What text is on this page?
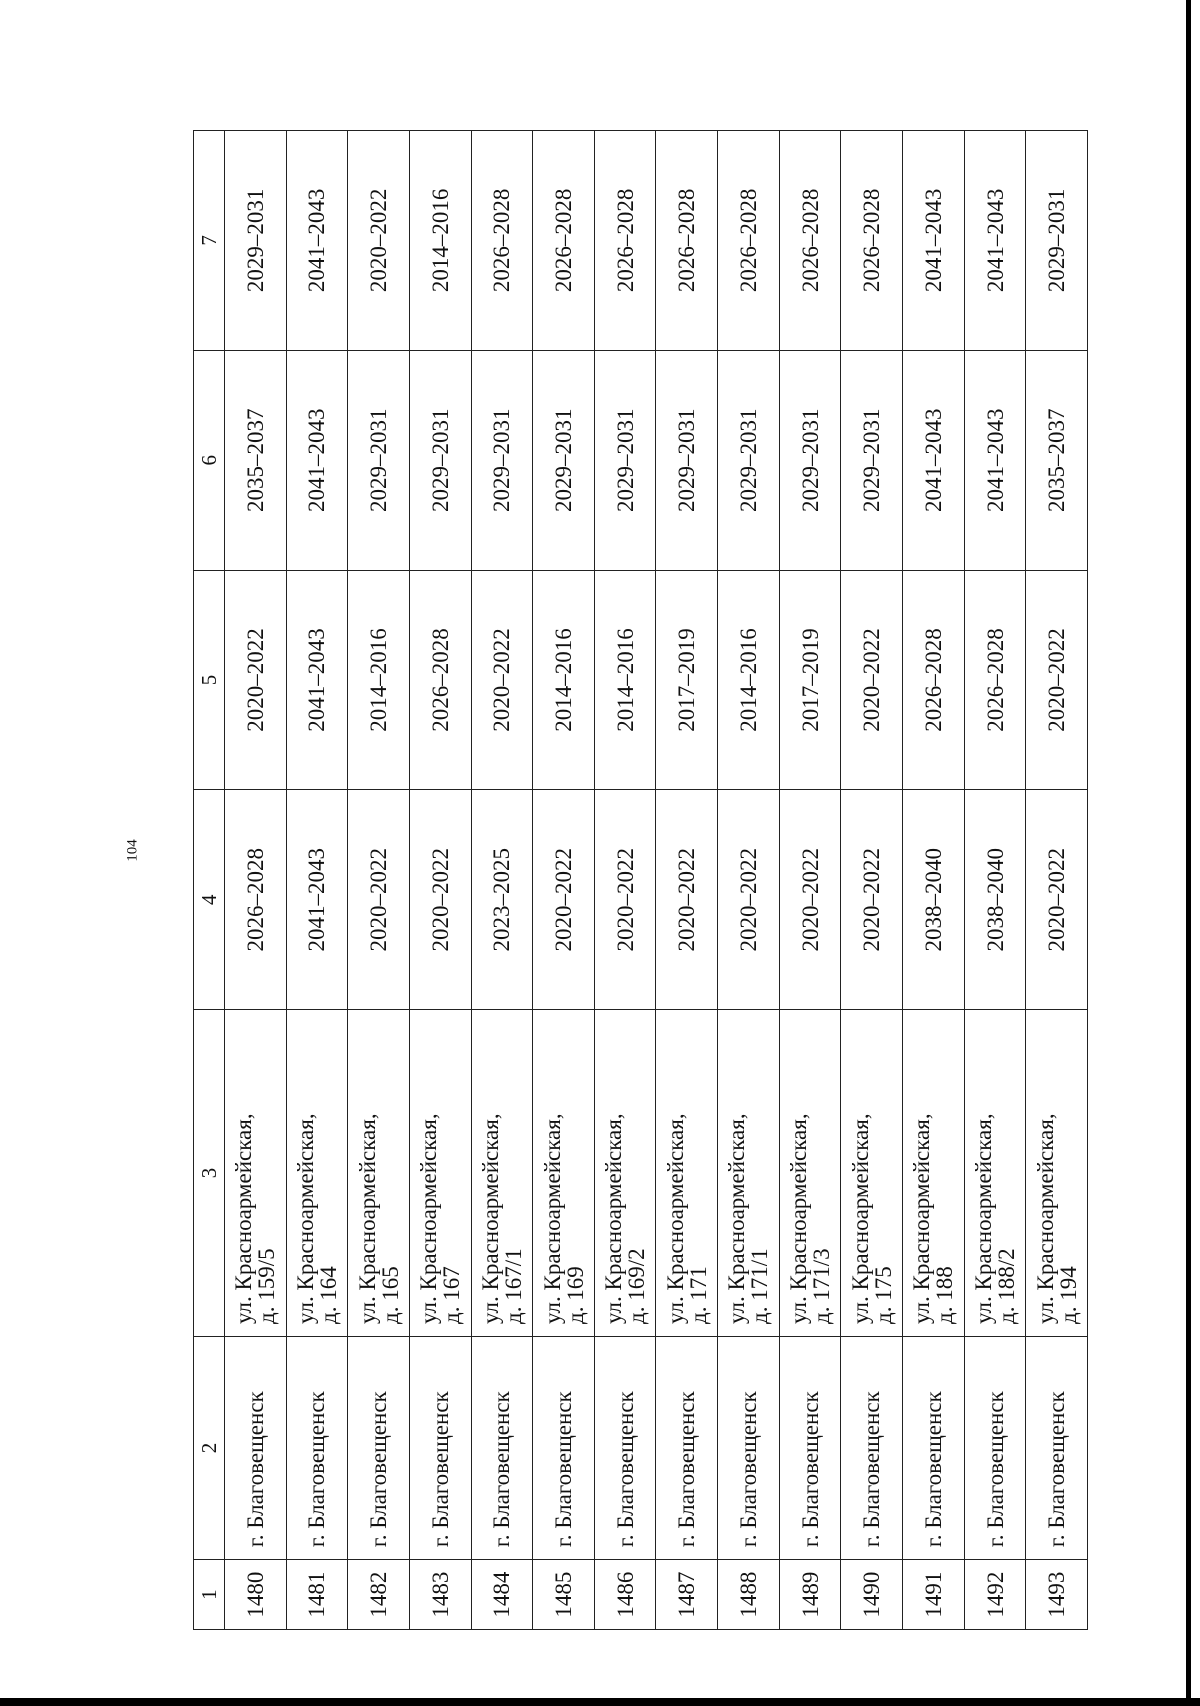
104
1	2	3	4	5	6	7
1480	г. Благовещенск	ул. Красноармейская,
д. 159/5	2026–2028	2020–2022	2035–2037	2029–2031
1481	г. Благовещенск	ул. Красноармейская,
д. 164	2041–2043	2041–2043	2041–2043	2041–2043
1482	г. Благовещенск	ул. Красноармейская,
д. 165	2020–2022	2014–2016	2029–2031	2020–2022
1483	г. Благовещенск	ул. Красноармейская,
д. 167	2020–2022	2026–2028	2029–2031	2014–2016
1484	г. Благовещенск	ул. Красноармейская,
д. 167/1	2023–2025	2020–2022	2029–2031	2026–2028
1485	г. Благовещенск	ул. Красноармейская,
д. 169	2020–2022	2014–2016	2029–2031	2026–2028
1486	г. Благовещенск	ул. Красноармейская,
д. 169/2	2020–2022	2014–2016	2029–2031	2026–2028
1487	г. Благовещенск	ул. Красноармейская,
д. 171	2020–2022	2017–2019	2029–2031	2026–2028
1488	г. Благовещенск	ул. Красноармейская,
д. 171/1	2020–2022	2014–2016	2029–2031	2026–2028
1489	г. Благовещенск	ул. Красноармейская,
д. 171/3	2020–2022	2017–2019	2029–2031	2026–2028
1490	г. Благовещенск	ул. Красноармейская,
д. 175	2020–2022	2020–2022	2029–2031	2026–2028
1491	г. Благовещенск	ул. Красноармейская,
д. 188	2038–2040	2026–2028	2041–2043	2041–2043
1492	г. Благовещенск	ул. Красноармейская,
д. 188/2	2038–2040	2026–2028	2041–2043	2041–2043
1493	г. Благовещенск	ул. Красноармейская,
д. 194	2020–2022	2020–2022	2035–2037	2029–2031
